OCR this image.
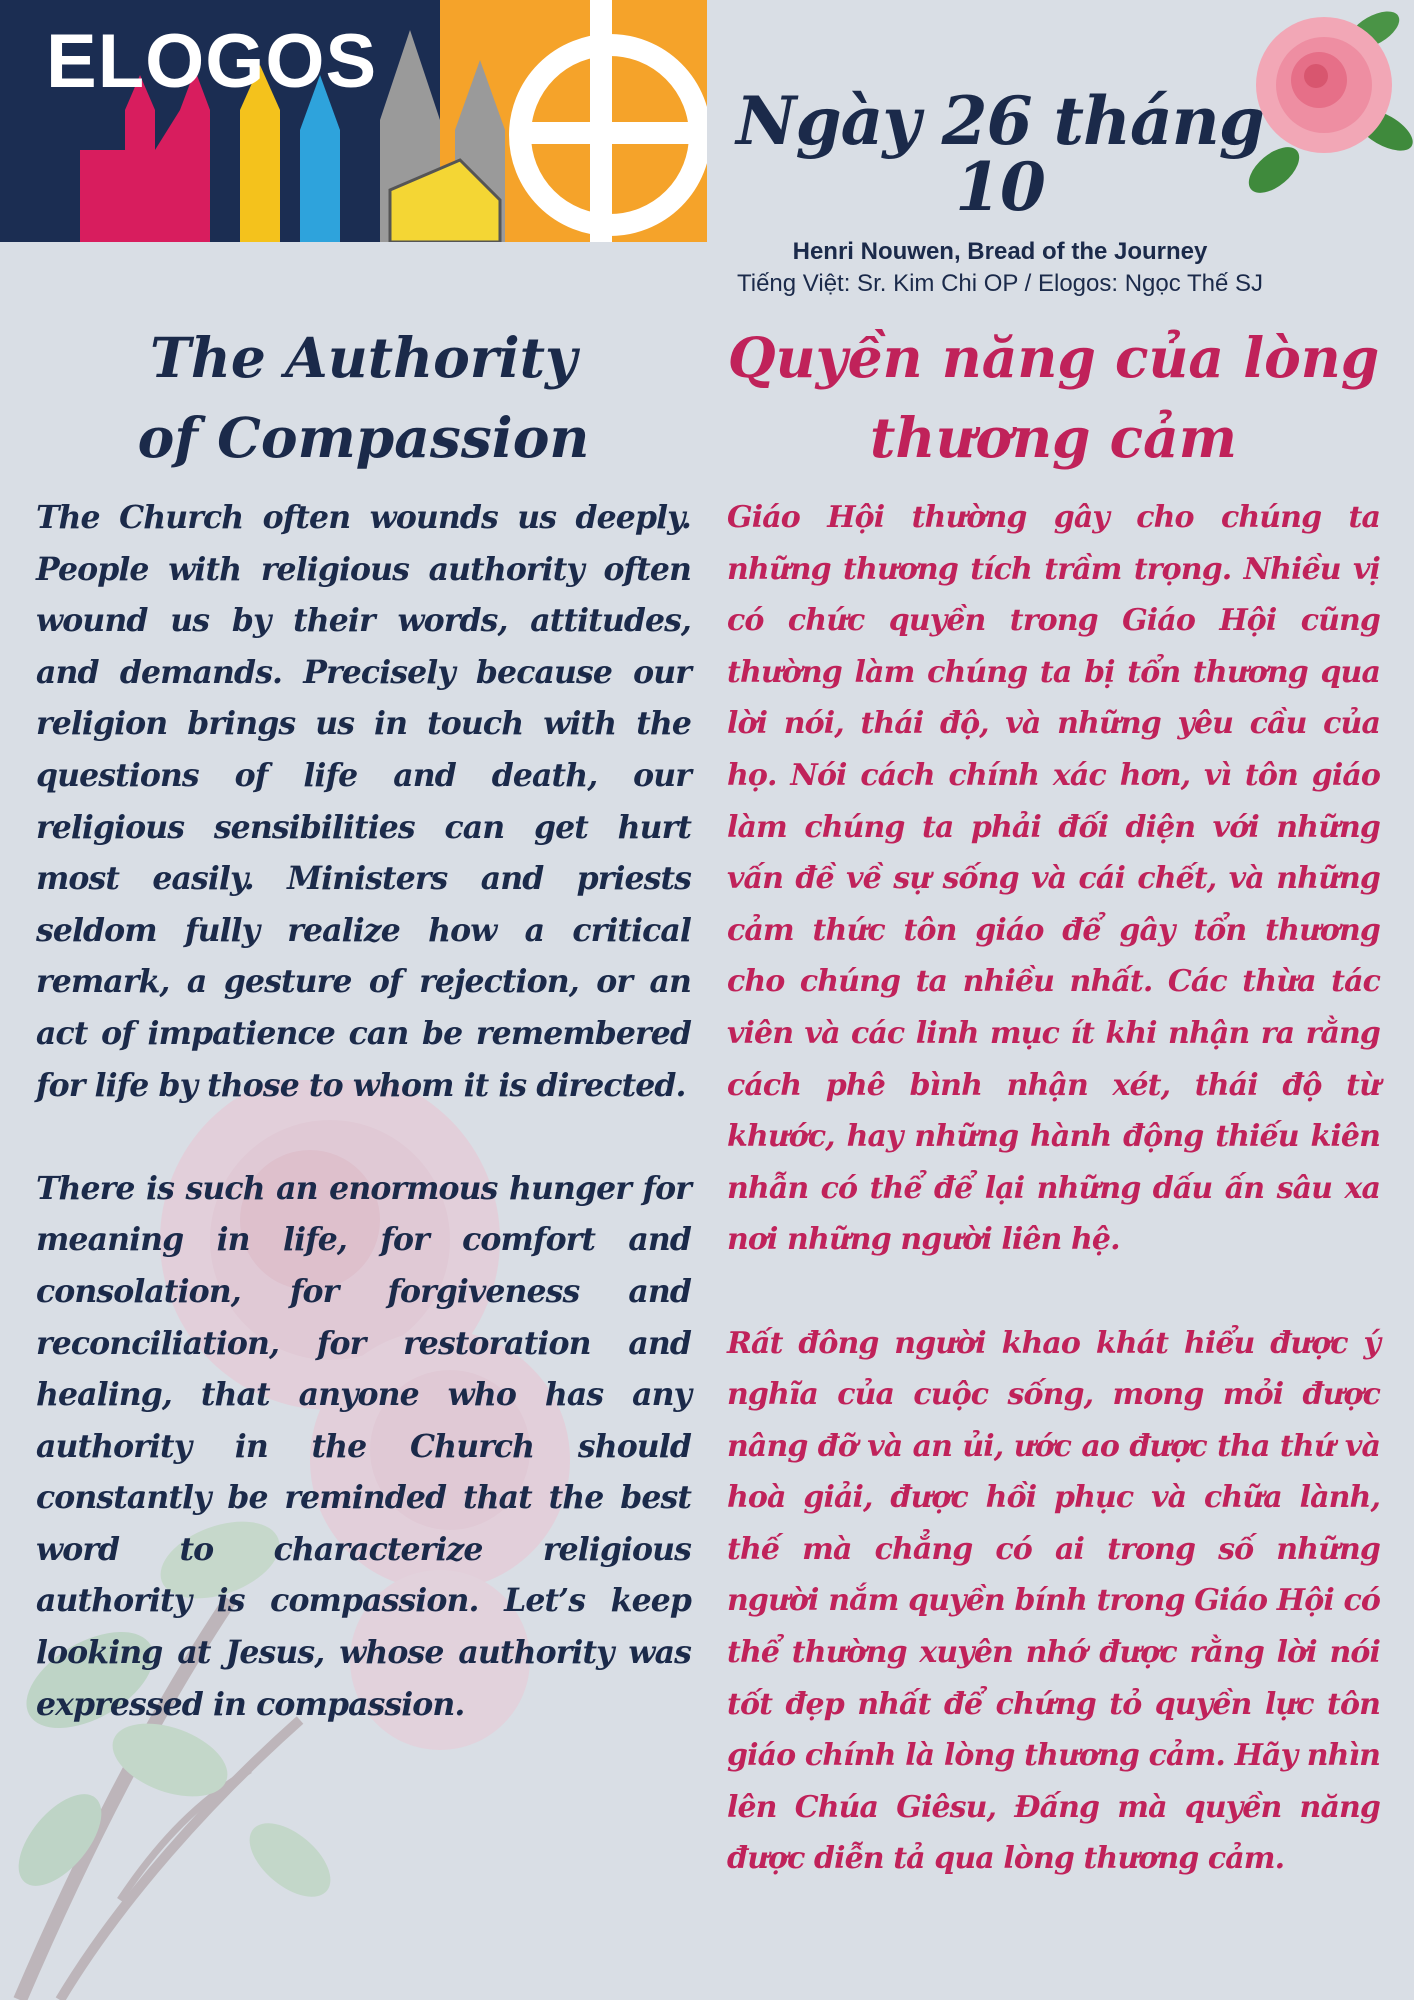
ELOGOS
Ngày 26 tháng 10
Henri Nouwen, Bread of the Journey
Tiếng Việt: Sr. Kim Chi OP / Elogos: Ngọc Thế SJ
The Authority
of Compassion

The Church often wounds us deeply. People with religious authority often wound us by their words, attitudes, and demands. Precisely because our religion brings us in touch with the questions of life and death, our religious sensibilities can get hurt most easily. Ministers and priests seldom fully realize how a critical remark, a gesture of rejection, or an act of impatience can be remembered for life by those to whom it is directed.

There is such an enormous hunger for meaning in life, for comfort and consolation, for forgiveness and reconciliation, for restoration and healing, that anyone who has any authority in the Church should constantly be reminded that the best word to characterize religious authority is compassion. Let’s keep looking at Jesus, whose authority was expressed in compassion.

Quyền năng của lòng
thương cảm

Giáo Hội thường gây cho chúng ta những thương tích trầm trọng. Nhiều vị có chức quyền trong Giáo Hội cũng thường làm chúng ta bị tổn thương qua lời nói, thái độ, và những yêu cầu của họ. Nói cách chính xác hơn, vì tôn giáo làm chúng ta phải đối diện với những vấn đề về sự sống và cái chết, và những cảm thức tôn giáo để gây tổn thương cho chúng ta nhiều nhất. Các thừa tác viên và các linh mục ít khi nhận ra rằng cách phê bình nhận xét, thái độ từ khước, hay những hành động thiếu kiên nhẫn có thể để lại những dấu ấn sâu xa nơi những người liên hệ.

Rất đông người khao khát hiểu được ý nghĩa của cuộc sống, mong mỏi được nâng đỡ và an ủi, ước ao được tha thứ và hoà giải, được hồi phục và chữa lành, thế mà chẳng có ai trong số những người nắm quyền bính trong Giáo Hội có thể thường xuyên nhớ được rằng lời nói tốt đẹp nhất để chứng tỏ quyền lực tôn giáo chính là lòng thương cảm. Hãy nhìn lên Chúa Giêsu, Đấng mà quyền năng được diễn tả qua lòng thương cảm.
